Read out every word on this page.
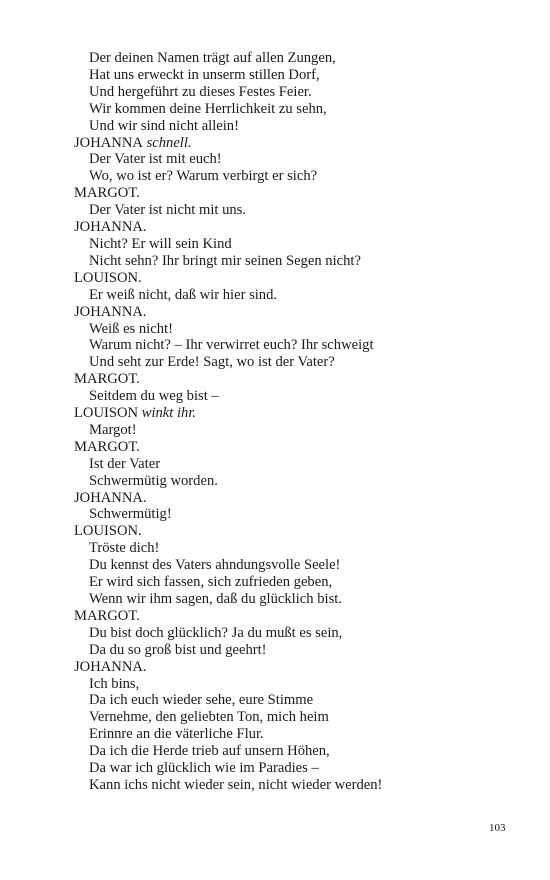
Der deinen Namen trägt auf allen Zungen,
Hat uns erweckt in unserm stillen Dorf,
Und hergeführt zu dieses Festes Feier.
Wir kommen deine Herrlichkeit zu sehn,
Und wir sind nicht allein!
JOHANNA schnell.
Der Vater ist mit euch!
Wo, wo ist er? Warum verbirgt er sich?
MARGOT.
Der Vater ist nicht mit uns.
JOHANNA.
Nicht? Er will sein Kind
Nicht sehn? Ihr bringt mir seinen Segen nicht?
LOUISON.
Er weiß nicht, daß wir hier sind.
JOHANNA.
Weiß es nicht!
Warum nicht? – Ihr verwirret euch? Ihr schweigt
Und seht zur Erde! Sagt, wo ist der Vater?
MARGOT.
Seitdem du weg bist –
LOUISON winkt ihr.
Margot!
MARGOT.
Ist der Vater
Schwermütig worden.
JOHANNA.
Schwermütig!
LOUISON.
Tröste dich!
Du kennst des Vaters ahndungsvolle Seele!
Er wird sich fassen, sich zufrieden geben,
Wenn wir ihm sagen, daß du glücklich bist.
MARGOT.
Du bist doch glücklich? Ja du mußt es sein,
Da du so groß bist und geehrt!
JOHANNA.
Ich bins,
Da ich euch wieder sehe, eure Stimme
Vernehme, den geliebten Ton, mich heim
Erinnre an die väterliche Flur.
Da ich die Herde trieb auf unsern Höhen,
Da war ich glücklich wie im Paradies –
Kann ichs nicht wieder sein, nicht wieder werden!
103
